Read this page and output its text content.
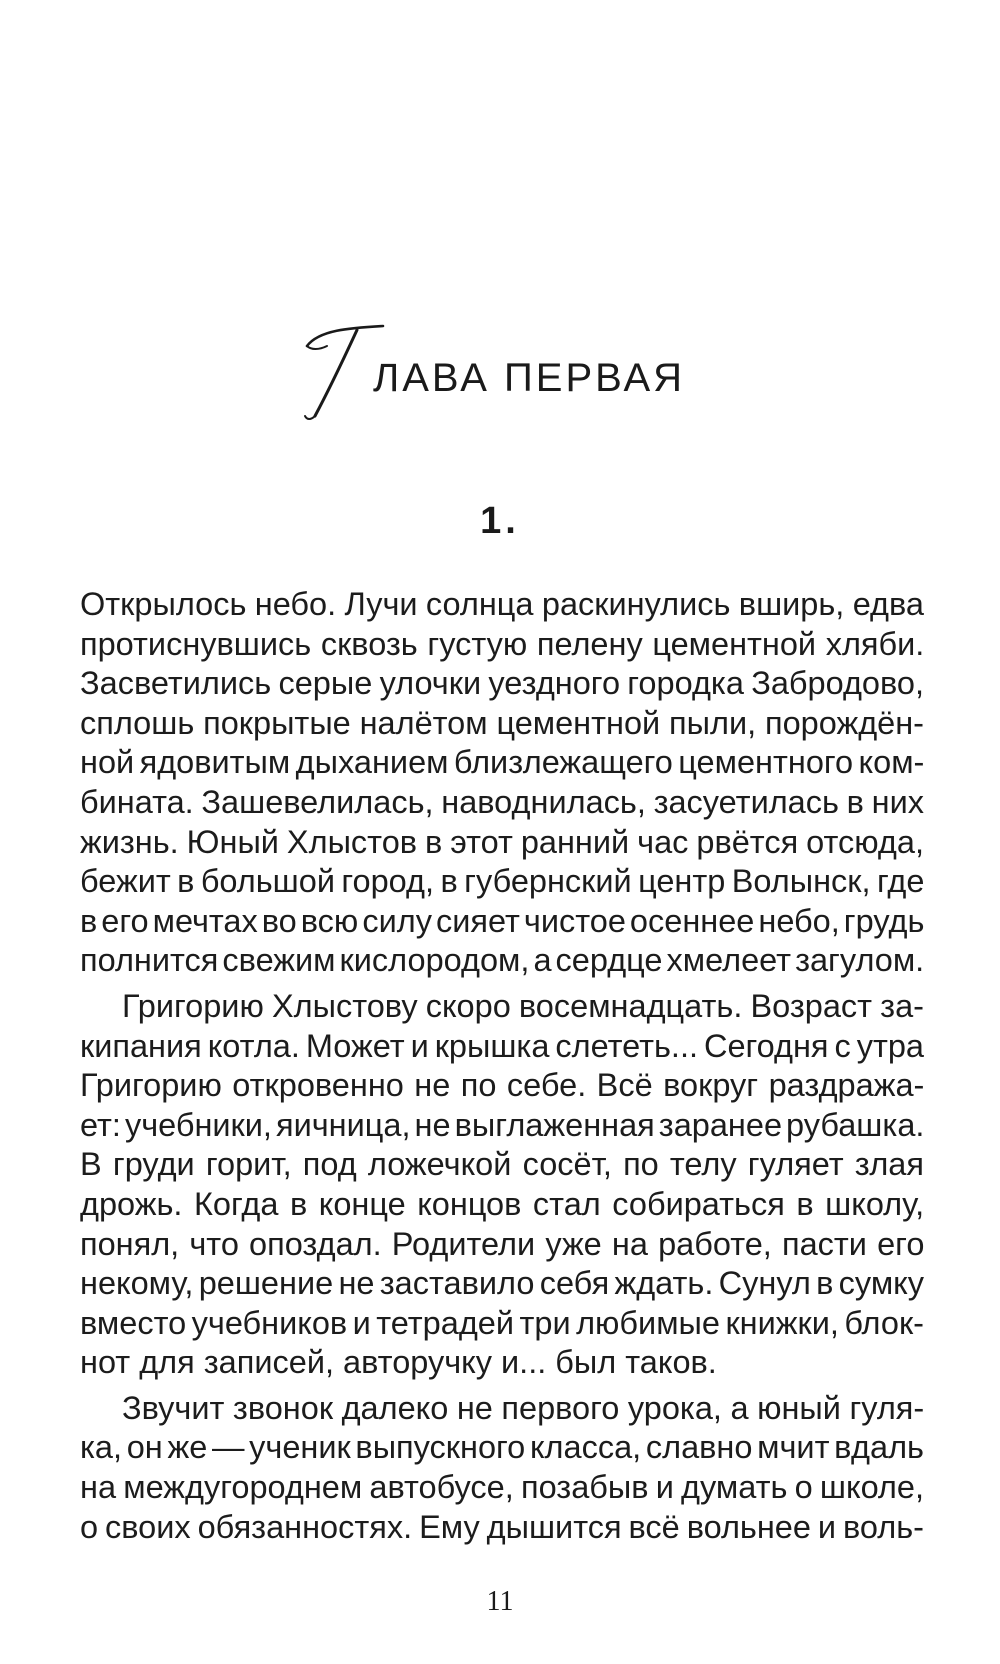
ЛАВА ПЕРВАЯ
1.

Открылось небо. Лучи солнца раскинулись вширь, едва
протиснувшись сквозь густую пелену цементной хляби.
Засветились серые улочки уездного городка Забродово,
сплошь покрытые налётом цементной пыли, порождён-
ной ядовитым дыханием близлежащего цементного ком-
бината. Зашевелилась, наводнилась, засуетилась в них
жизнь. Юный Хлыстов в этот ранний час рвётся отсюда,
бежит в большой город, в губернский центр Волынск, где
в его мечтах во всю силу сияет чистое осеннее небо, грудь
полнится свежим кислородом, а сердце хмелеет загулом.

Григорию Хлыстову скоро восемнадцать. Возраст за-
кипания котла. Может и крышка слететь... Сегодня с утра
Григорию откровенно не по себе. Всё вокруг раздража-
ет: учебники, яичница, не выглаженная заранее рубашка.
В груди горит, под ложечкой сосёт, по телу гуляет злая
дрожь. Когда в конце концов стал собираться в школу,
понял, что опоздал. Родители уже на работе, пасти его
некому, решение не заставило себя ждать. Сунул в сумку
вместо учебников и тетрадей три любимые книжки, блок-
нот для записей, авторучку и... был таков.

Звучит звонок далеко не первого урока, а юный гуля-
ка, он же — ученик выпускного класса, славно мчит вдаль
на междугороднем автобусе, позабыв и думать о школе,
о своих обязанностях. Ему дышится всё вольнее и воль-

11
